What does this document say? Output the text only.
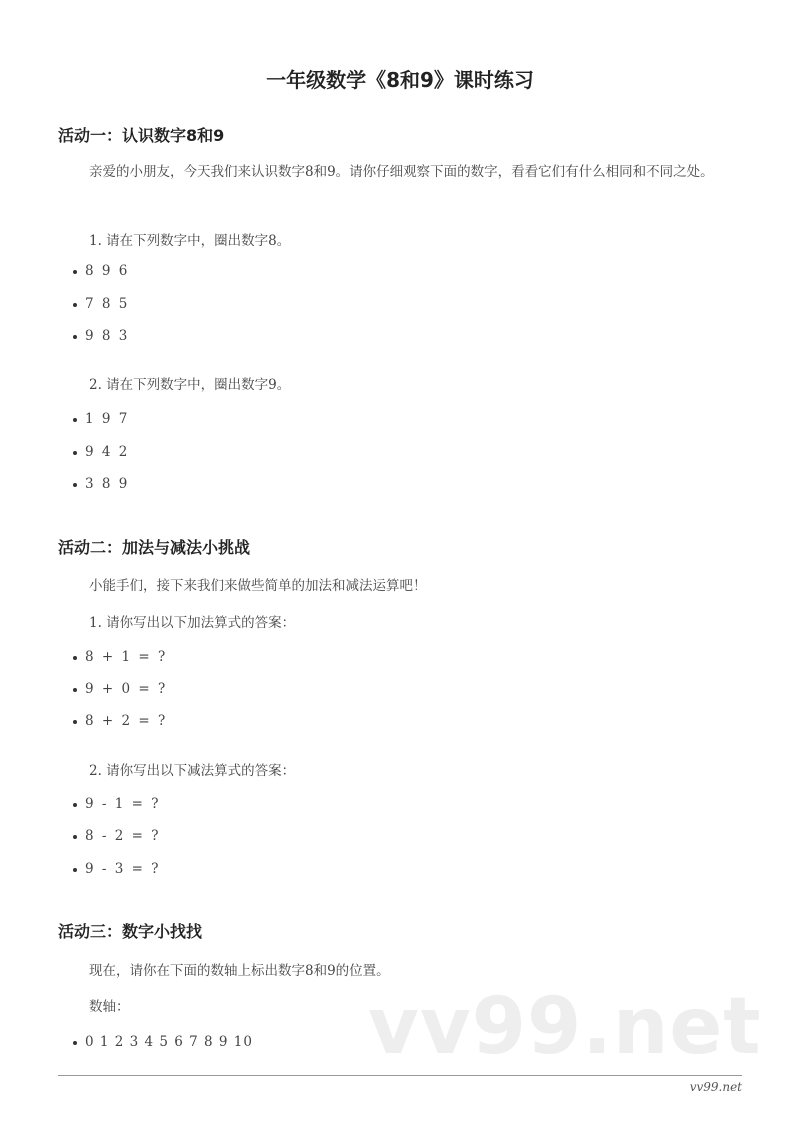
一年级数学《8和9》课时练习
活动一：认识数字8和9
亲爱的小朋友，今天我们来认识数字8和9。请你仔细观察下面的数字，看看它们有什么相同和不同之处。
1. 请在下列数字中，圈出数字8。
8 9 6
7 8 5
9 8 3
2. 请在下列数字中，圈出数字9。
1 9 7
9 4 2
3 8 9
活动二：加法与减法小挑战
小能手们，接下来我们来做些简单的加法和减法运算吧！
1. 请你写出以下加法算式的答案：
8 + 1 = ?
9 + 0 = ?
8 + 2 = ?
2. 请你写出以下减法算式的答案：
9 - 1 = ?
8 - 2 = ?
9 - 3 = ?
vv99.net
活动三：数字小找找
现在，请你在下面的数轴上标出数字8和9的位置。
数轴：
0 1 2 3 4 5 6 7 8 9 10
vv99.net
